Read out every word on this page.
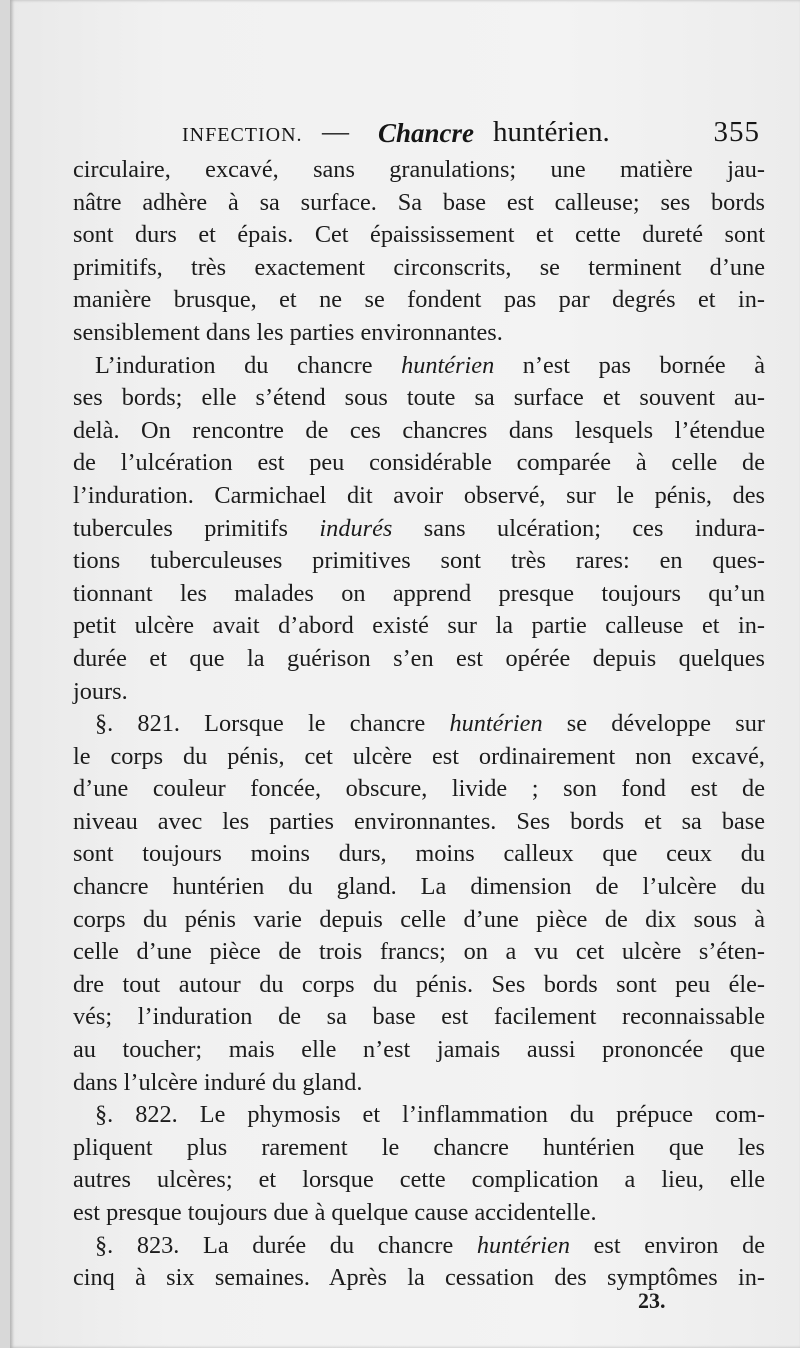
INFECTION. — Chancre huntérien.	355
circulaire, excavé, sans granulations; une matière jau-
nâtre adhère à sa surface. Sa base est calleuse; ses bords
sont durs et épais. Cet épaississement et cette dureté sont
primitifs, très exactement circonscrits, se terminent d’une
manière brusque, et ne se fondent pas par degrés et in-
sensiblement dans les parties environnantes.
L’induration du chancre huntérien n’est pas bornée à
ses bords; elle s’étend sous toute sa surface et souvent au-
delà. On rencontre de ces chancres dans lesquels l’étendue
de l’ulcération est peu considérable comparée à celle de
l’induration. Carmichael dit avoir observé, sur le pénis, des
tubercules primitifs indurés sans ulcération; ces indura-
tions tuberculeuses primitives sont très rares: en ques-
tionnant les malades on apprend presque toujours qu’un
petit ulcère avait d’abord existé sur la partie calleuse et in-
durée et que la guérison s’en est opérée depuis quelques
jours.
§. 821. Lorsque le chancre huntérien se développe sur
le corps du pénis, cet ulcère est ordinairement non excavé,
d’une couleur foncée, obscure, livide ; son fond est de
niveau avec les parties environnantes. Ses bords et sa base
sont toujours moins durs, moins calleux que ceux du
chancre huntérien du gland. La dimension de l’ulcère du
corps du pénis varie depuis celle d’une pièce de dix sous à
celle d’une pièce de trois francs; on a vu cet ulcère s’éten-
dre tout autour du corps du pénis. Ses bords sont peu éle-
vés; l’induration de sa base est facilement reconnaissable
au toucher; mais elle n’est jamais aussi prononcée que
dans l’ulcère induré du gland.
§. 822. Le phymosis et l’inflammation du prépuce com-
pliquent plus rarement le chancre huntérien que les
autres ulcères; et lorsque cette complication a lieu, elle
est presque toujours due à quelque cause accidentelle.
§. 823. La durée du chancre huntérien est environ de
cinq à six semaines. Après la cessation des symptômes in-
23.
